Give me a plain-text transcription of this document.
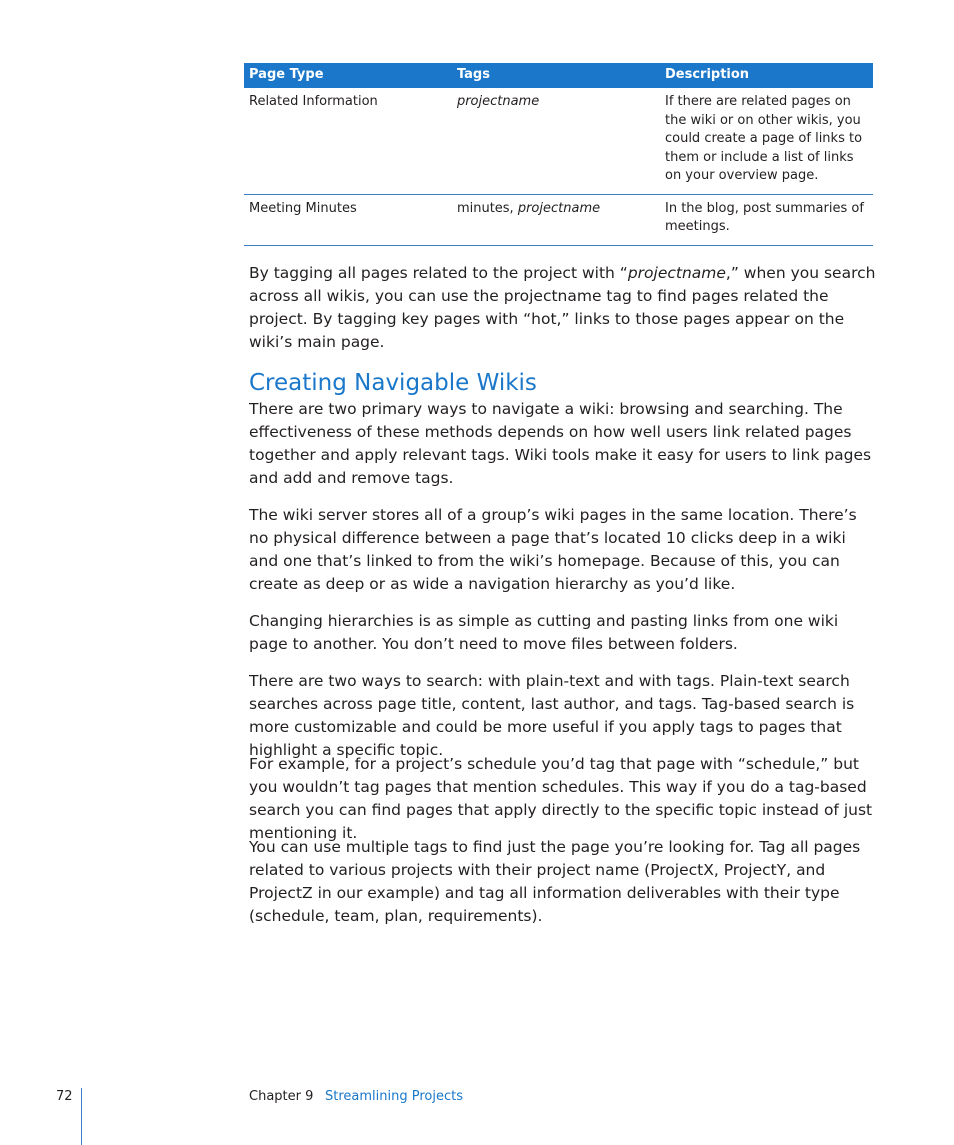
Page Type	Tags	Description
Related Information	projectname	If there are related pages on the wiki or on other wikis, you could create a page of links to them or include a list of links on your overview page.
Meeting Minutes	minutes, projectname	In the blog, post summaries of meetings.

By tagging all pages related to the project with “projectname,” when you search across all wikis, you can use the projectname tag to find pages related the project. By tagging key pages with “hot,” links to those pages appear on the wiki’s main page.

Creating Navigable Wikis

There are two primary ways to navigate a wiki: browsing and searching. The effectiveness of these methods depends on how well users link related pages together and apply relevant tags. Wiki tools make it easy for users to link pages and add and remove tags.

The wiki server stores all of a group’s wiki pages in the same location. There’s no physical difference between a page that’s located 10 clicks deep in a wiki and one that’s linked to from the wiki’s homepage. Because of this, you can create as deep or as wide a navigation hierarchy as you’d like.

Changing hierarchies is as simple as cutting and pasting links from one wiki page to another. You don’t need to move files between folders.

There are two ways to search: with plain-text and with tags. Plain-text search searches across page title, content, last author, and tags. Tag-based search is more customizable and could be more useful if you apply tags to pages that highlight a specific topic.

For example, for a project’s schedule you’d tag that page with “schedule,” but you wouldn’t tag pages that mention schedules. This way if you do a tag-based search you can find pages that apply directly to the specific topic instead of just mentioning it.

You can use multiple tags to find just the page you’re looking for. Tag all pages related to various projects with their project name (ProjectX, ProjectY, and ProjectZ in our example) and tag all information deliverables with their type (schedule, team, plan, requirements).

72	Chapter 9 Streamlining Projects
